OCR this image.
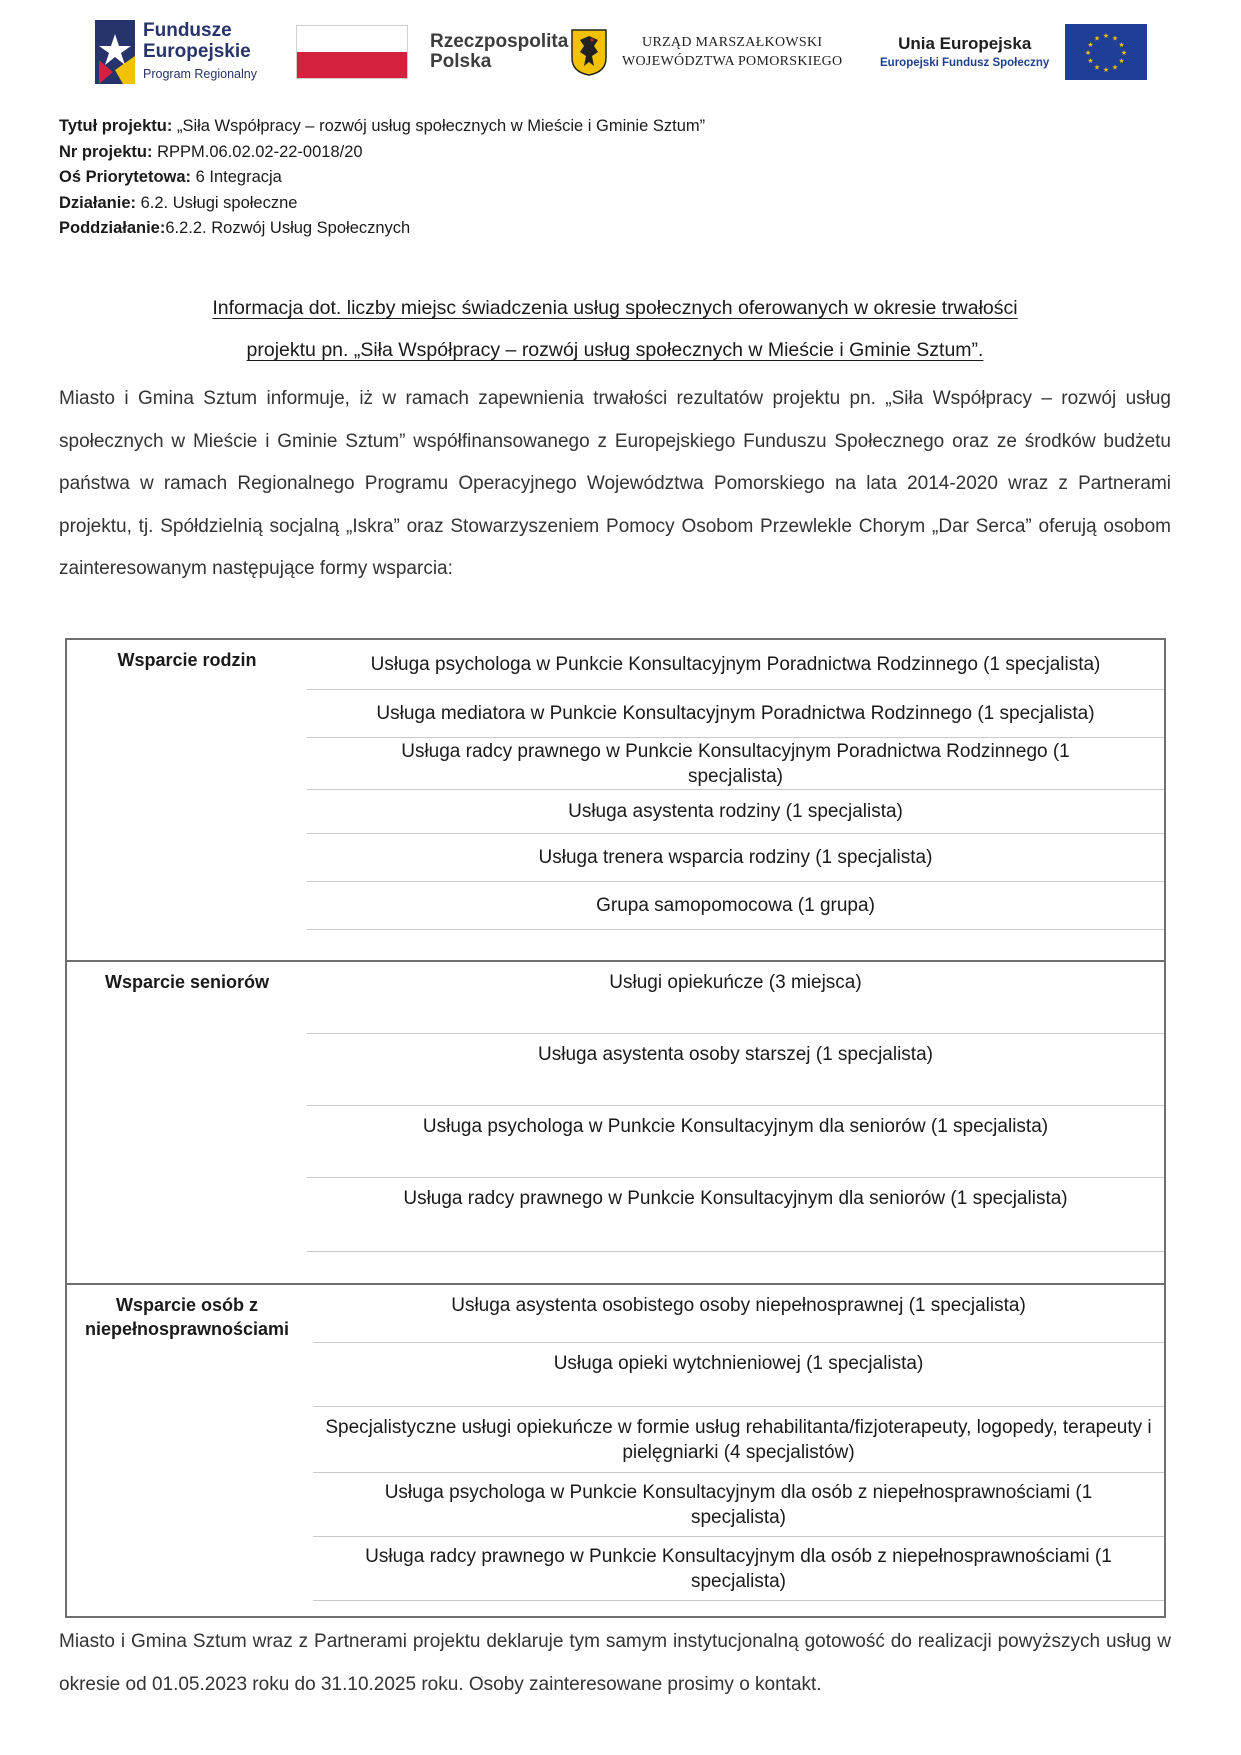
Fundusze
Europejskie
Program Regionalny
Rzeczpospolita
Polska
URZĄD MARSZAŁKOWSKI
WOJEWÓDZTWA POMORSKIEGO
Unia Europejska
Europejski Fundusz Społeczny
★ ★
★
★
★
★
★
★
★
★
★
★
Tytuł projektu: „Siła Współpracy – rozwój usług społecznych w Mieście i Gminie Sztum”
Nr projektu: RPPM.06.02.02-22-0018/20
Oś Priorytetowa: 6 Integracja
Działanie: 6.2. Usługi społeczne
Poddziałanie:6.2.2. Rozwój Usług Społecznych
Informacja dot. liczby miejsc świadczenia usług społecznych oferowanych w okresie trwałości
projektu pn. „Siła Współpracy – rozwój usług społecznych w Mieście i Gminie Sztum”.
Miasto i Gmina Sztum informuje, iż w ramach zapewnienia trwałości rezultatów projektu pn. „Siła Współpracy – rozwój usług społecznych w Mieście i Gminie Sztum” współfinansowanego z Europejskiego Funduszu Społecznego oraz ze środków budżetu państwa w ramach Regionalnego Programu Operacyjnego Województwa Pomorskiego na lata 2014-2020 wraz z Partnerami projektu, tj. Spółdzielnią socjalną „Iskra” oraz Stowarzyszeniem Pomocy Osobom Przewlekle Chorym „Dar Serca” oferują osobom zainteresowanym następujące formy wsparcia:
Wsparcie rodzin	Usługa psychologa w Punkcie Konsultacyjnym Poradnictwa Rodzinnego (1 specjalista)
Usługa mediatora w Punkcie Konsultacyjnym Poradnictwa Rodzinnego (1 specjalista)
Usługa radcy prawnego w Punkcie Konsultacyjnym Poradnictwa Rodzinnego (1 specjalista)
Usługa asystenta rodziny (1 specjalista)
Usługa trenera wsparcia rodziny (1 specjalista)
Grupa samopomocowa (1 grupa)
Wsparcie seniorów	Usługi opiekuńcze (3 miejsca)
Usługa asystenta osoby starszej (1 specjalista)
Usługa psychologa w Punkcie Konsultacyjnym dla seniorów (1 specjalista)
Usługa radcy prawnego w Punkcie Konsultacyjnym dla seniorów (1 specjalista)
Wsparcie osób z niepełnosprawnościami
Usługa asystenta osobistego osoby niepełnosprawnej (1 specjalista)
Usługa opieki wytchnieniowej (1 specjalista)
Specjalistyczne usługi opiekuńcze w formie usług rehabilitanta/fizjoterapeuty, logopedy, terapeuty i pielęgniarki (4 specjalistów)
Usługa psychologa w Punkcie Konsultacyjnym dla osób z niepełnosprawnościami (1 specjalista)
Usługa radcy prawnego w Punkcie Konsultacyjnym dla osób z niepełnosprawnościami (1 specjalista)
Miasto i Gmina Sztum wraz z Partnerami projektu deklaruje tym samym instytucjonalną gotowość do realizacji powyższych usług w okresie od 01.05.2023 roku do 31.10.2025 roku. Osoby zainteresowane prosimy o kontakt.
